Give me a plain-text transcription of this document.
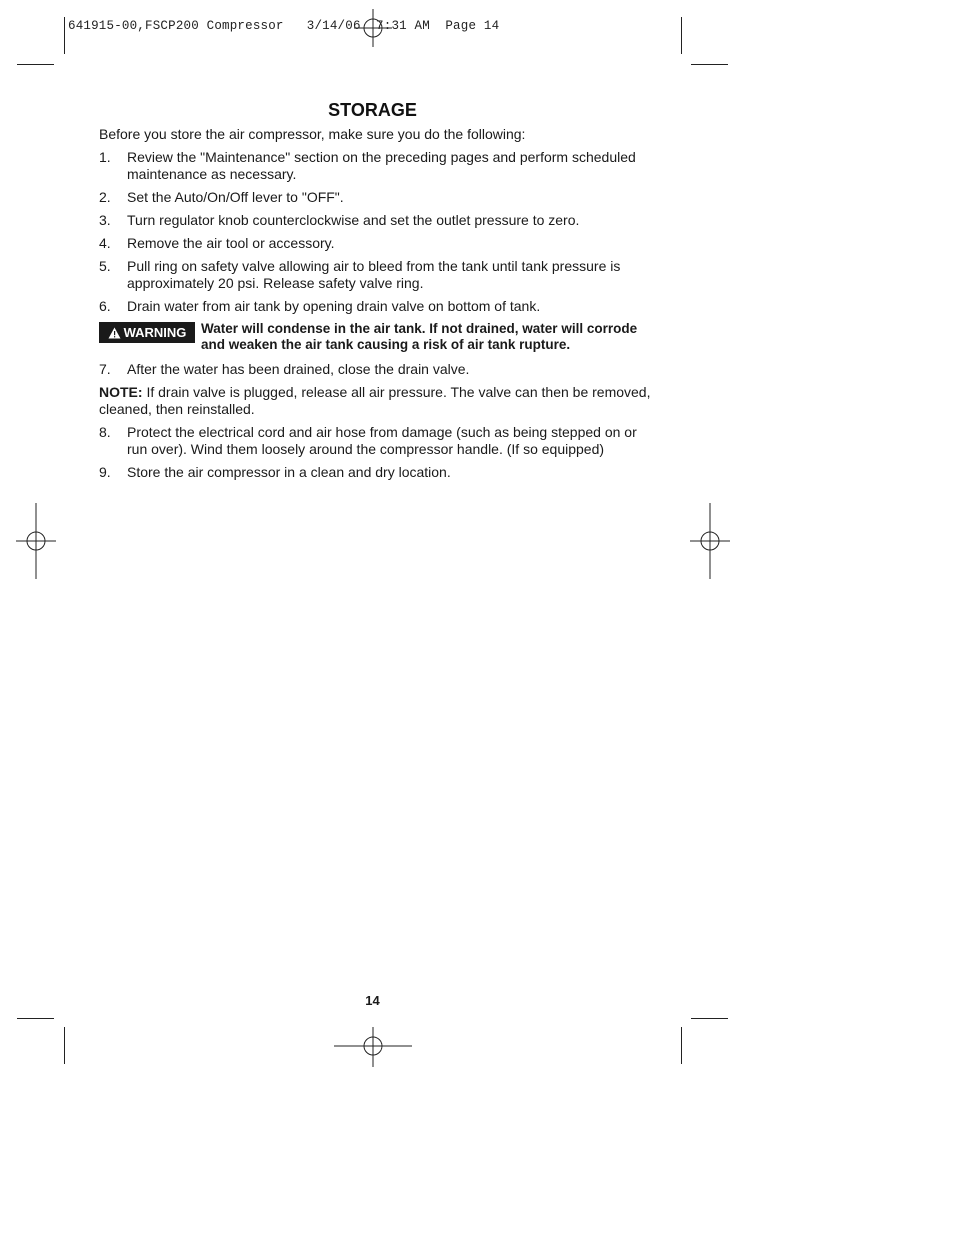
641915-00,FSCP200 Compressor   3/14/06  7:31 AM  Page 14
STORAGE

Before you store the air compressor, make sure you do the following:

1. Review the "Maintenance" section on the preceding pages and perform scheduled maintenance as necessary.
2. Set the Auto/On/Off lever to "OFF".
3. Turn regulator knob counterclockwise and set the outlet pressure to zero.
4. Remove the air tool or accessory.
5. Pull ring on safety valve allowing air to bleed from the tank until tank pressure is approximately 20 psi. Release safety valve ring.
6. Drain water from air tank by opening drain valve on bottom of tank.
WARNING Water will condense in the air tank. If not drained, water will corrode and weaken the air tank causing a risk of air tank rupture.
7. After the water has been drained, close the drain valve.

NOTE: If drain valve is plugged, release all air pressure. The valve can then be removed, cleaned, then reinstalled.

8. Protect the electrical cord and air hose from damage (such as being stepped on or run over). Wind them loosely around the compressor handle. (If so equipped)
9. Store the air compressor in a clean and dry location.
14
